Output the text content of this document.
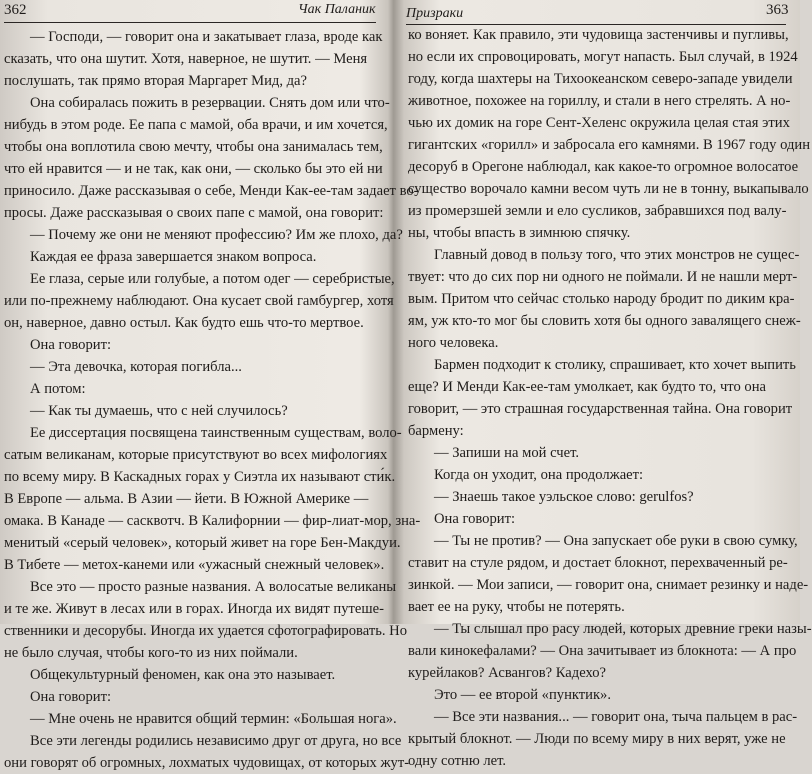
362	Чак Паланик
— Господи, — говорит она и закатывает глаза, вроде как
сказать, что она шутит. Хотя, наверное, не шутит. — Меня
послушать, так прямо вторая Маргарет Мид, да?
Она собиралась пожить в резервации. Снять дом или что-
нибудь в этом роде. Ее папа с мамой, оба врачи, и им хочется,
чтобы она воплотила свою мечту, чтобы она занималась тем,
что ей нравится — и не так, как они, — сколько бы это ей ни
приносило. Даже рассказывая о себе, Менди Как-ее-там задает во-
просы. Даже рассказывая о своих папе с мамой, она говорит:
— Почему же они не меняют профессию? Им же плохо, да?
Каждая ее фраза завершается знаком вопроса.
Ее глаза, серые или голубые, а потом одег — серебристые,
или по-прежнему наблюдают. Она кусает свой гамбургер, хотя
он, наверное, давно остыл. Как будто ешь что-то мертвое.
Она говорит:
— Эта девочка, которая погибла...
А потом:
— Как ты думаешь, что с ней случилось?
Ее диссертация посвящена таинственным существам, воло-
сатым великанам, которые присутствуют во всех мифологиях
по всему миру. В Каскадных горах у Сиэтла их называют сти́к.
В Европе — альма. В Азии — йети. В Южной Америке —
омака. В Канаде — сасквотч. В Калифорнии — фир-лиат-мор, зна-
менитый «серый человек», который живет на горе Бен-Макдуи.
В Тибете — метох-канеми или «ужасный снежный человек».
Все это — просто разные названия. А волосатые великаны
и те же. Живут в лесах или в горах. Иногда их видят путеше-
ственники и десорубы. Иногда их удается сфотографировать. Но
не было случая, чтобы кого-то из них поймали.
Общекультурный феномен, как она это называет.
Она говорит:
— Мне очень не нравится общий термин: «Большая нога».
Все эти легенды родились независимо друг от друга, но все
они говорят об огромных, лохматых чудовищах, от которых жут-
Призраки	363
ко воняет. Как правило, эти чудовища застенчивы и пугливы,
но если их спровоцировать, могут напасть. Был случай, в 1924
году, когда шахтеры на Тихоокеанском северо-западе увидели
животное, похожее на гориллу, и стали в него стрелять. А но-
чью их домик на горе Сент-Хеленс окружила целая стая этих
гигантских «горилл» и забросала его камнями. В 1967 году один
десоруб в Орегоне наблюдал, как какое-то огромное волосатое
существо ворочало камни весом чуть ли не в тонну, выкапывало
из промерзшей земли и ело сусликов, забравшихся под валу-
ны, чтобы впасть в зимнюю спячку.
Главный довод в пользу того, что этих монстров не сущес-
твует: что до сих пор ни одного не поймали. И не нашли мерт-
вым. Притом что сейчас столько народу бродит по диким кра-
ям, уж кто-то мог бы словить хотя бы одного завалящего снеж-
ного человека.
Бармен подходит к столику, спрашивает, кто хочет выпить
еще? И Менди Как-ее-там умолкает, как будто то, что она
говорит, — это страшная государственная тайна. Она говорит
бармену:
— Запиши на мой счет.
Когда он уходит, она продолжает:
— Знаешь такое уэльское слово: gerulfos?
Она говорит:
— Ты не против? — Она запускает обе руки в свою сумку,
ставит на стуле рядом, и достает блокнот, перехваченный ре-
зинкой. — Мои записи, — говорит она, снимает резинку и наде-
вает ее на руку, чтобы не потерять.
— Ты слышал про расу людей, которых древние греки назы-
вали кинокефалами? — Она зачитывает из блокнота: — А про
курейлаков? Асвангов? Кадехо?
Это — ее второй «пунктик».
— Все эти названия... — говорит она, тыча пальцем в рас-
крытый блокнот. — Люди по всему миру в них верят, уже не
одну сотню лет.
